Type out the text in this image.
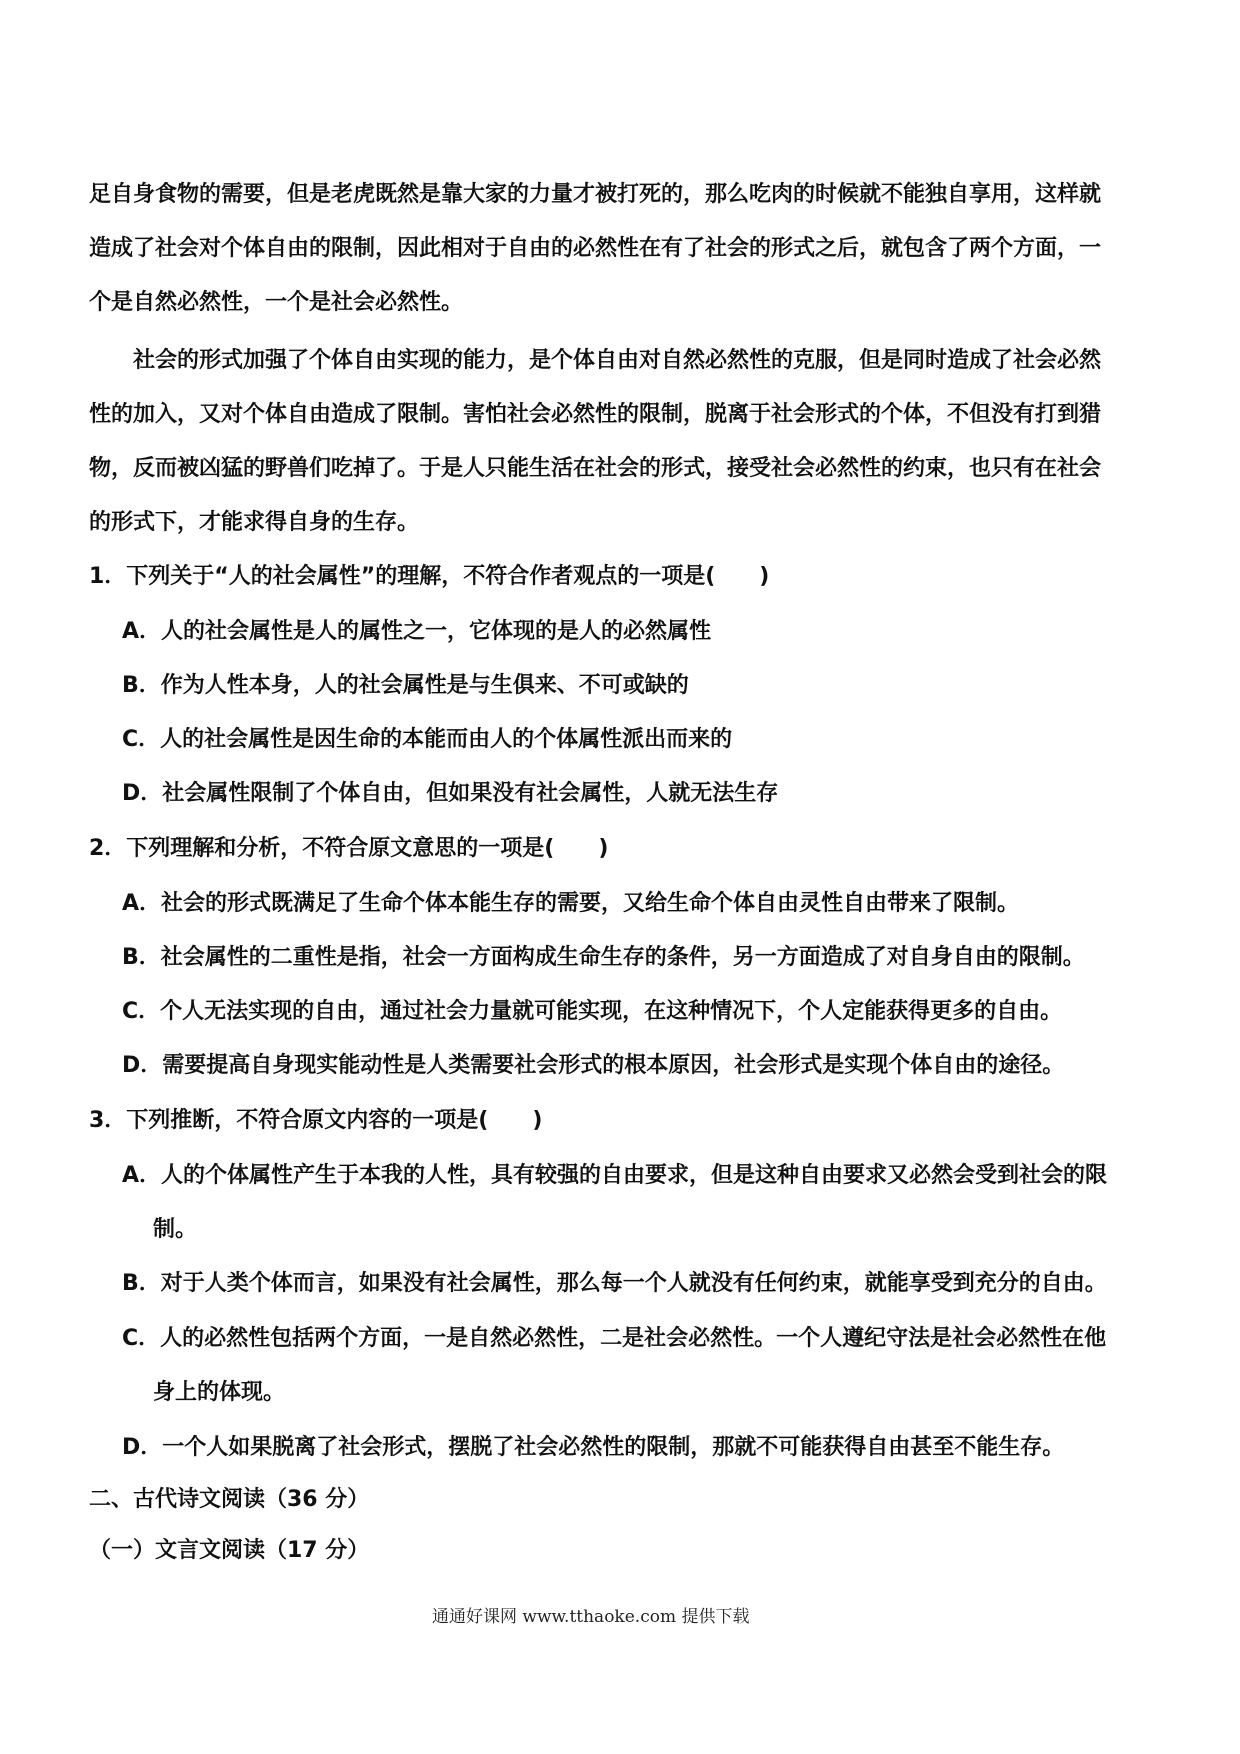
足自身食物的需要，但是老虎既然是靠大家的力量才被打死的，那么吃肉的时候就不能独自享用，这样就
造成了社会对个体自由的限制，因此相对于自由的必然性在有了社会的形式之后，就包含了两个方面，一
个是自然必然性，一个是社会必然性。
社会的形式加强了个体自由实现的能力，是个体自由对自然必然性的克服，但是同时造成了社会必然
性的加入，又对个体自由造成了限制。害怕社会必然性的限制，脱离于社会形式的个体，不但没有打到猎
物，反而被凶猛的野兽们吃掉了。于是人只能生活在社会的形式，接受社会必然性的约束，也只有在社会
的形式下，才能求得自身的生存。
1．下列关于“人的社会属性”的理解，不符合作者观点的一项是(　　)
A．人的社会属性是人的属性之一，它体现的是人的必然属性
B．作为人性本身，人的社会属性是与生俱来、不可或缺的
C．人的社会属性是因生命的本能而由人的个体属性派出而来的
D．社会属性限制了个体自由，但如果没有社会属性，人就无法生存
2．下列理解和分析，不符合原文意思的一项是(　　)
A．社会的形式既满足了生命个体本能生存的需要，又给生命个体自由灵性自由带来了限制。
B．社会属性的二重性是指，社会一方面构成生命生存的条件，另一方面造成了对自身自由的限制。
C．个人无法实现的自由，通过社会力量就可能实现，在这种情况下，个人定能获得更多的自由。
D．需要提高自身现实能动性是人类需要社会形式的根本原因，社会形式是实现个体自由的途径。
3．下列推断，不符合原文内容的一项是(　　)
A．人的个体属性产生于本我的人性，具有较强的自由要求，但是这种自由要求又必然会受到社会的限
制。
B．对于人类个体而言，如果没有社会属性，那么每一个人就没有任何约束，就能享受到充分的自由。
C．人的必然性包括两个方面，一是自然必然性，二是社会必然性。一个人遵纪守法是社会必然性在他
身上的体现。
D．一个人如果脱离了社会形式，摆脱了社会必然性的限制，那就不可能获得自由甚至不能生存。
二、古代诗文阅读（36 分）
（一）文言文阅读（17 分）
通通好课网 www.tthaoke.com 提供下载
